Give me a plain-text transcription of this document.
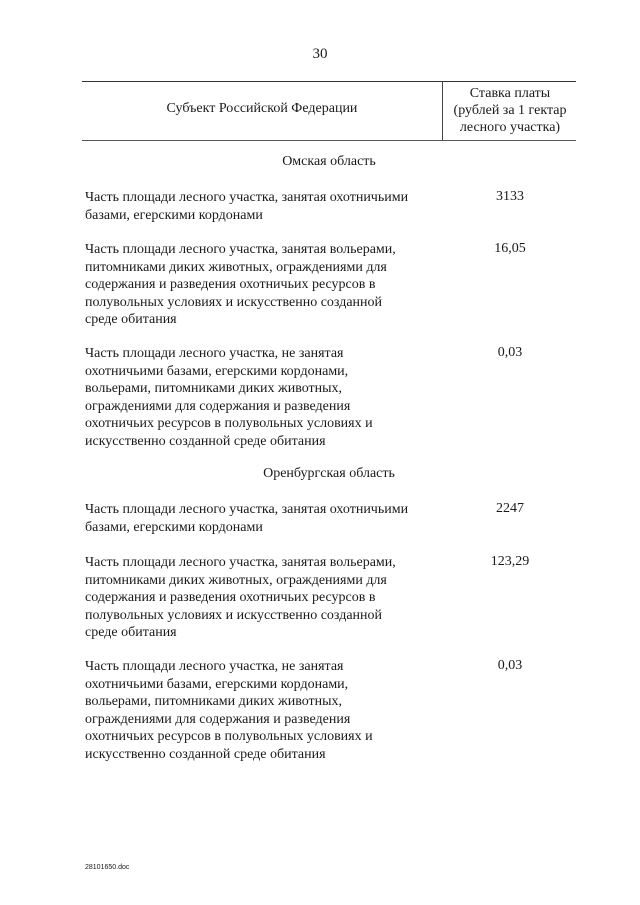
30
Субъект Российской Федерации
Ставка платы
(рублей за 1 гектар
лесного участка)
Омская область
Часть площади лесного участка, занятая охотничьими
базами, егерскими кордонами
3133
Часть площади лесного участка, занятая вольерами,
питомниками диких животных, ограждениями для
содержания и разведения охотничьих ресурсов в
полувольных условиях и искусственно созданной
среде обитания
16,05
Часть площади лесного участка, не занятая
охотничьими базами, егерскими кордонами,
вольерами, питомниками диких животных,
ограждениями для содержания и разведения
охотничьих ресурсов в полувольных условиях и
искусственно созданной среде обитания
0,03
Оренбургская область
Часть площади лесного участка, занятая охотничьими
базами, егерскими кордонами
2247
Часть площади лесного участка, занятая вольерами,
питомниками диких животных, ограждениями для
содержания и разведения охотничьих ресурсов в
полувольных условиях и искусственно созданной
среде обитания
123,29
Часть площади лесного участка, не занятая
охотничьими базами, егерскими кордонами,
вольерами, питомниками диких животных,
ограждениями для содержания и разведения
охотничьих ресурсов в полувольных условиях и
искусственно созданной среде обитания
0,03
28101650.doc
